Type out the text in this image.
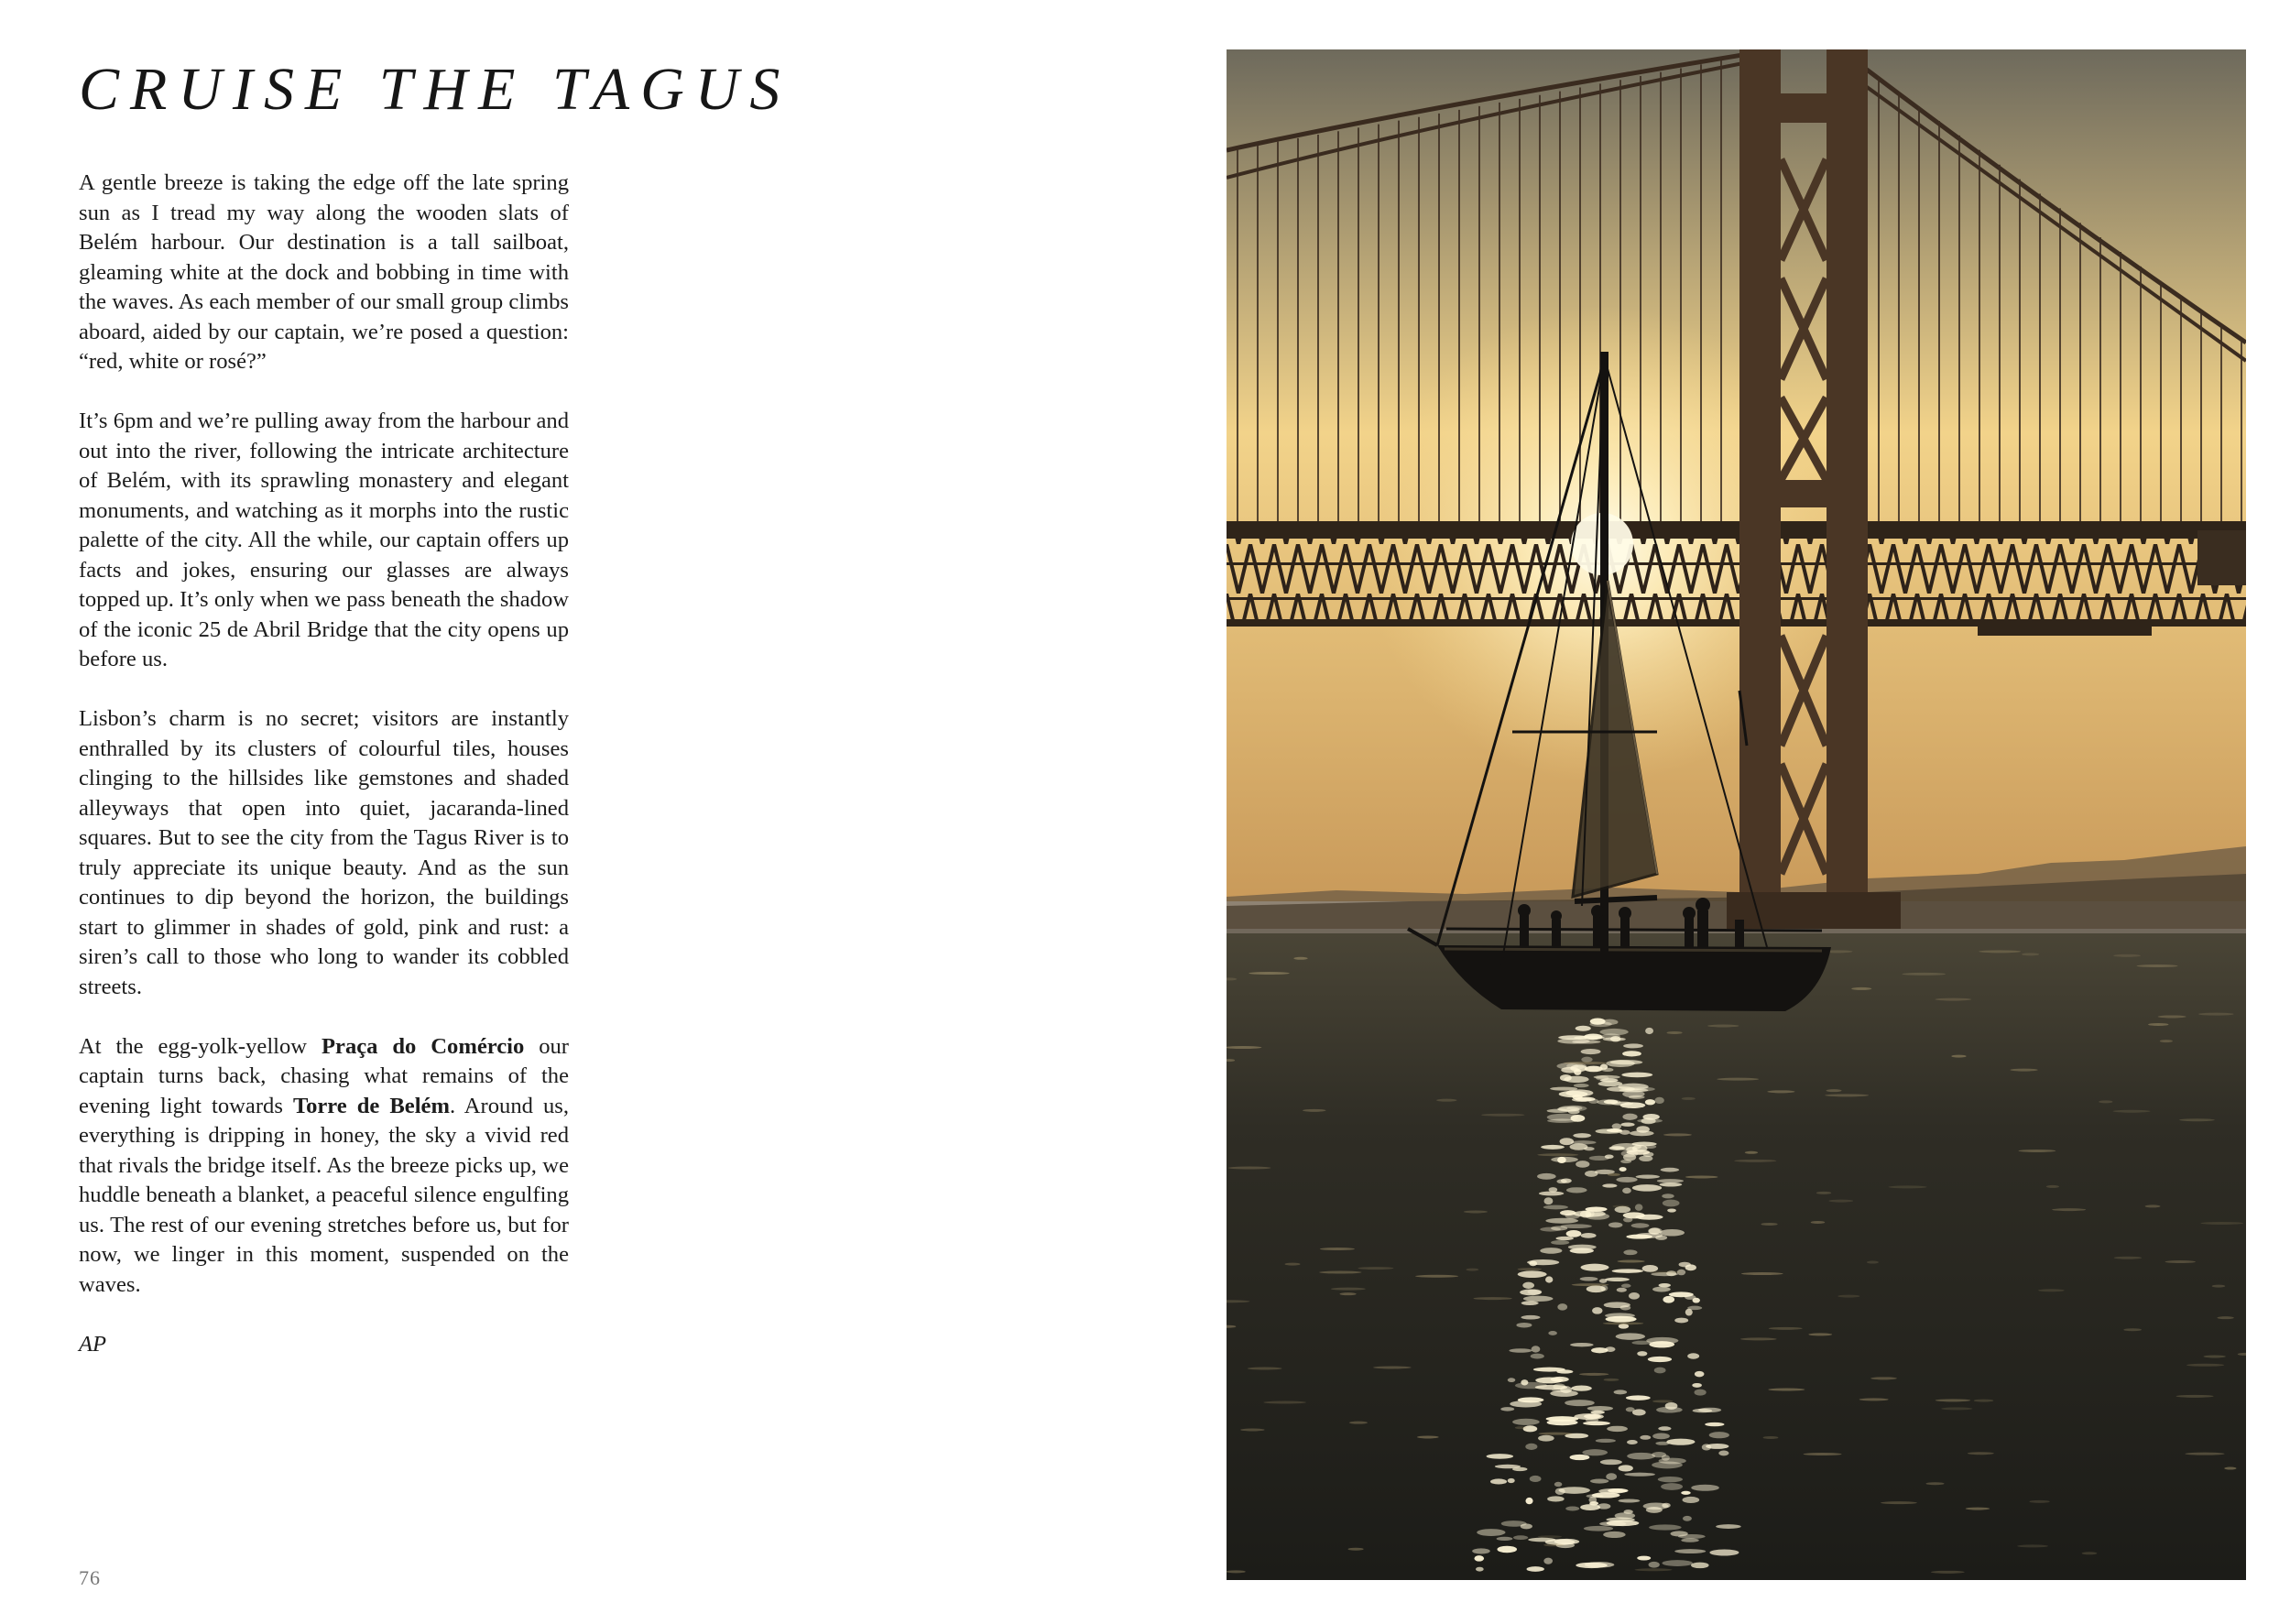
CRUISE THE TAGUS

A gentle breeze is taking the edge off the late spring sun as I tread my way along the wooden slats of Belém harbour. Our destination is a tall sailboat, gleaming white at the dock and bobbing in time with the waves. As each member of our small group climbs aboard, aided by our captain, we’re posed a question: “red, white or rosé?”

It’s 6pm and we’re pulling away from the harbour and out into the river, following the intricate architecture of Belém, with its sprawling monastery and elegant monuments, and watching as it morphs into the rustic palette of the city. All the while, our captain offers up facts and jokes, ensuring our glasses are always topped up. It’s only when we pass beneath the shadow of the iconic 25 de Abril Bridge that the city opens up before us.

Lisbon’s charm is no secret; visitors are instantly enthralled by its clusters of colourful tiles, houses clinging to the hillsides like gemstones and shaded alleyways that open into quiet, jacaranda-lined squares. But to see the city from the Tagus River is to truly appreciate its unique beauty. And as the sun continues to dip beyond the horizon, the buildings start to glimmer in shades of gold, pink and rust: a siren’s call to those who long to wander its cobbled streets.

At the egg-yolk-yellow Praça do Comércio our captain turns back, chasing what remains of the evening light towards Torre de Belém. Around us, everything is dripping in honey, the sky a vivid red that rivals the bridge itself. As the breeze picks up, we huddle beneath a blanket, a peaceful silence engulfing us. The rest of our evening stretches before us, but for now, we linger in this moment, suspended on the waves.

AP

76
